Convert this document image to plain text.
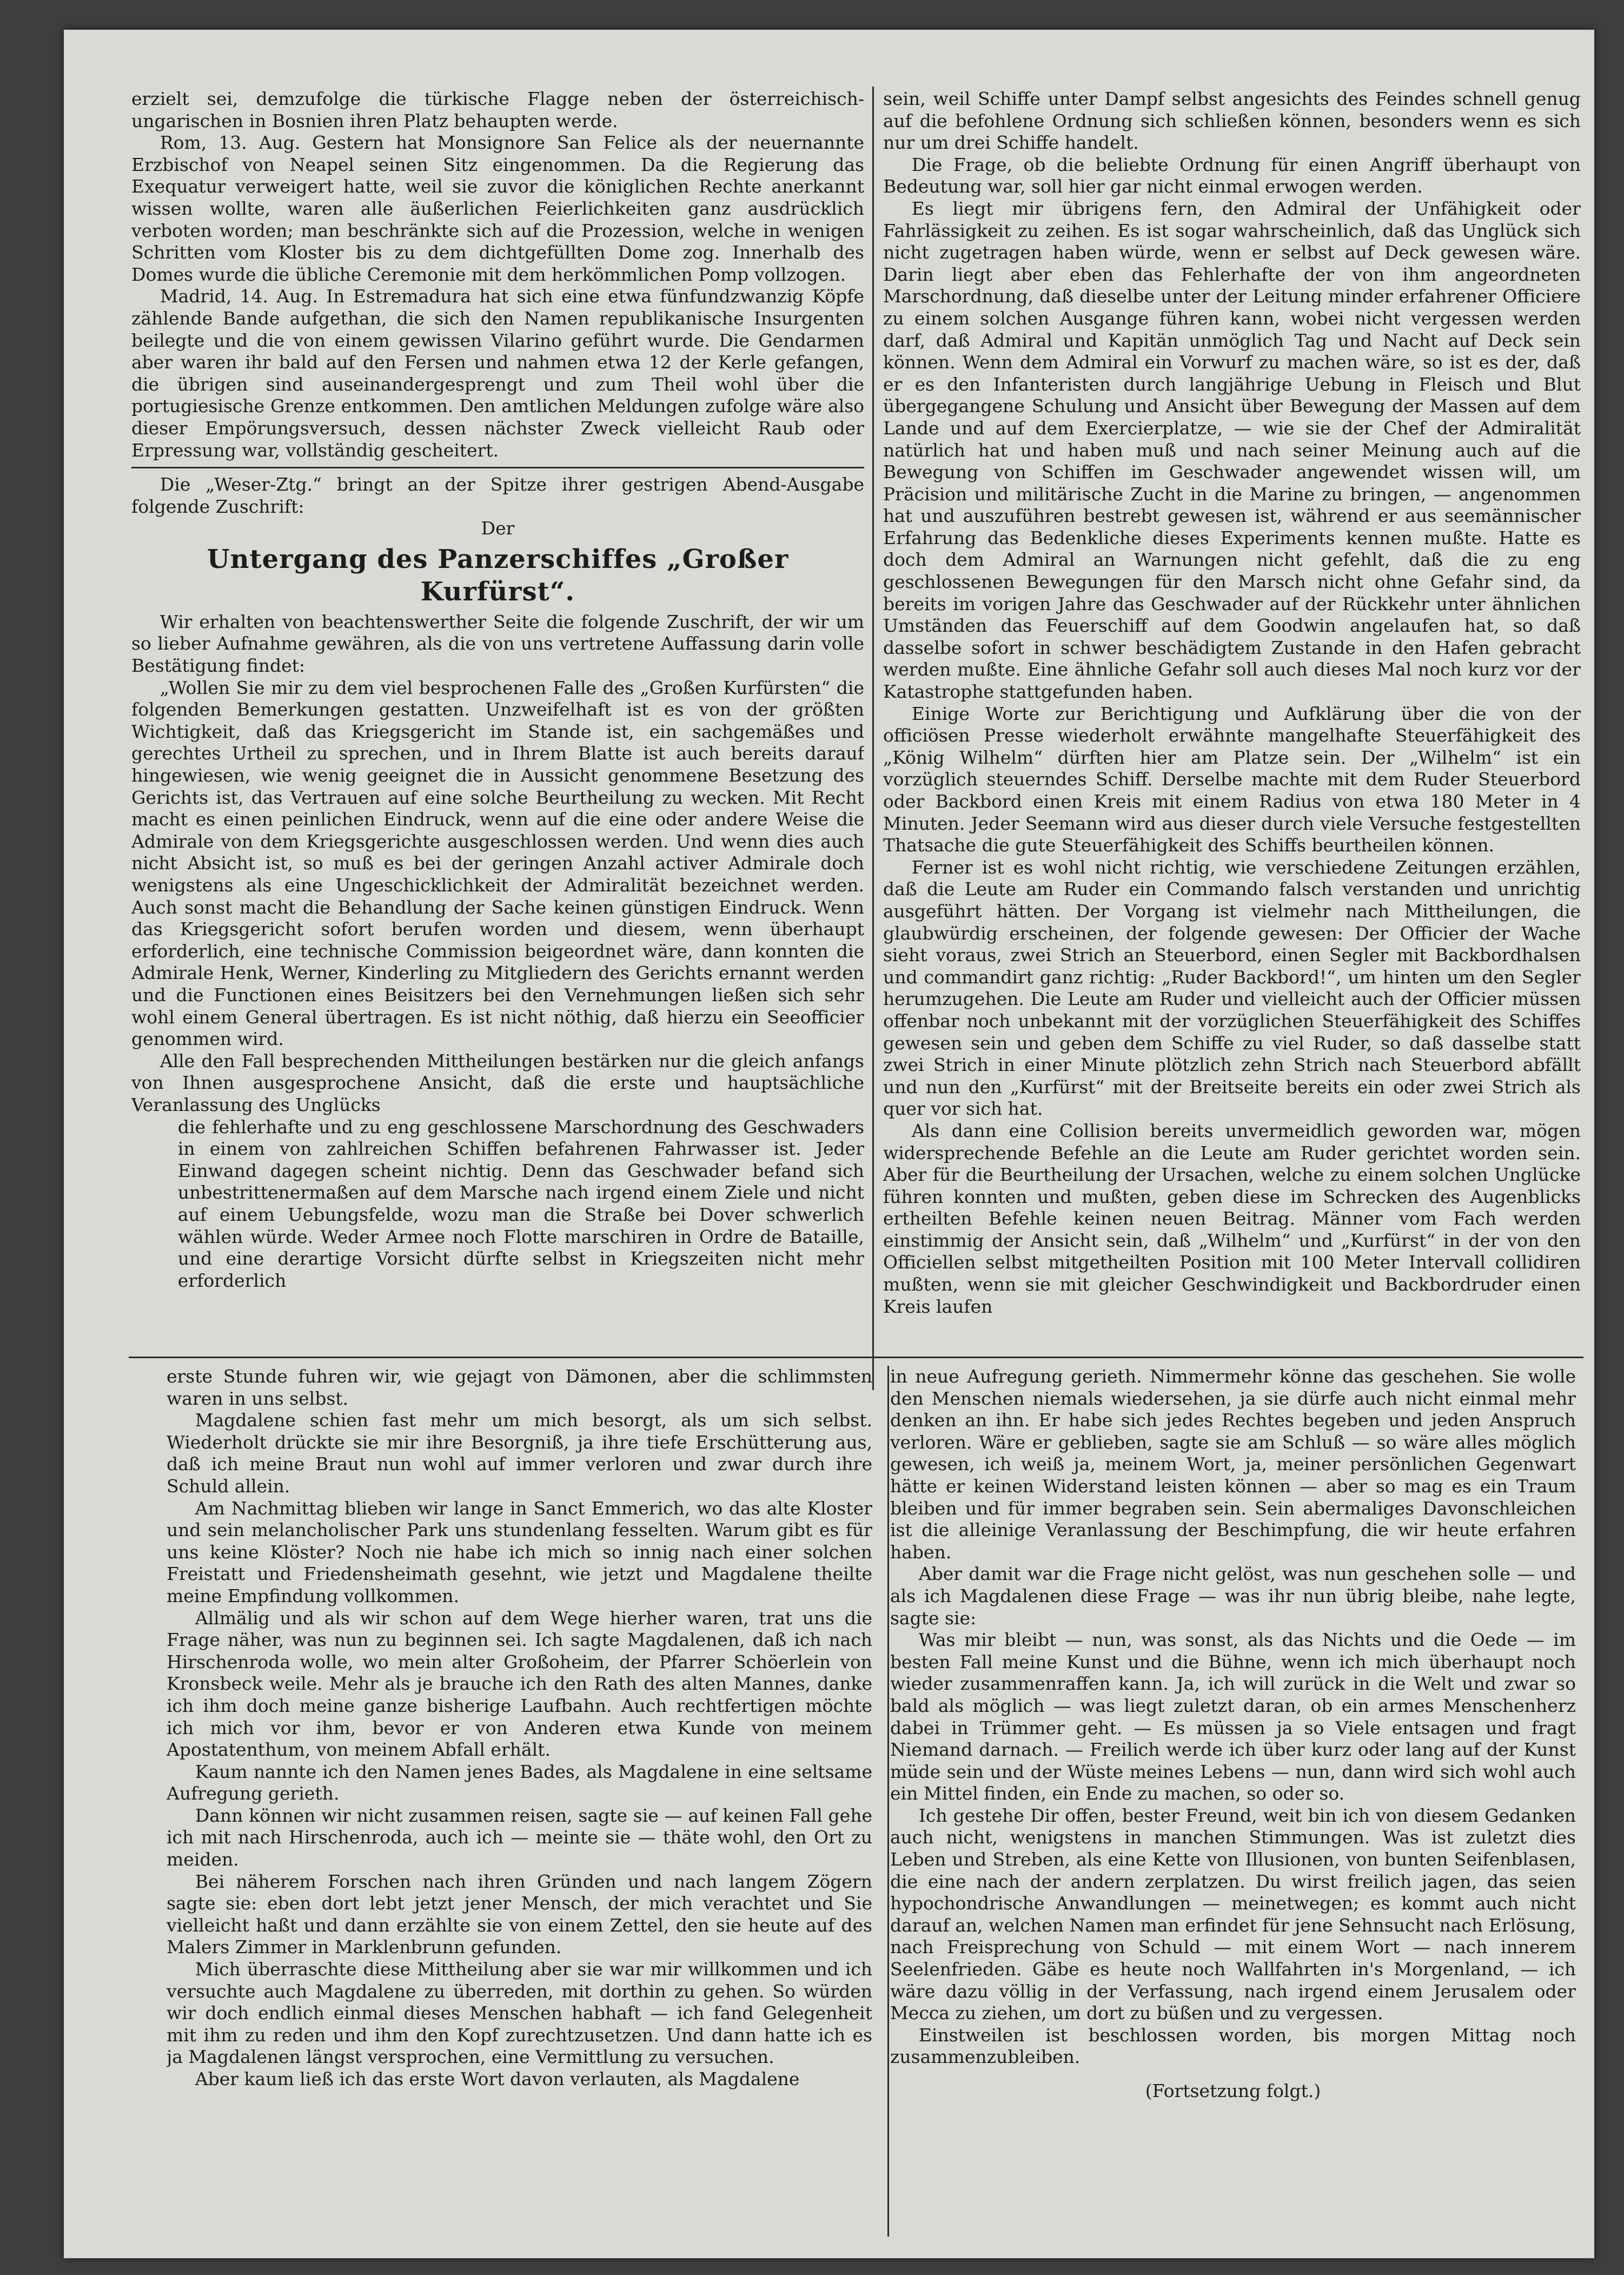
erzielt sei, demzufolge die türkische Flagge neben der österreichisch-ungarischen in Bosnien ihren Platz behaupten werde.

Rom, 13. Aug. Gestern hat Monsignore San Felice als der neuernannte Erzbischof von Neapel seinen Sitz eingenommen. Da die Regierung das Exequatur verweigert hatte, weil sie zuvor die königlichen Rechte anerkannt wissen wollte, waren alle äußerlichen Feierlichkeiten ganz ausdrücklich verboten worden; man beschränkte sich auf die Prozession, welche in wenigen Schritten vom Kloster bis zu dem dichtgefüllten Dome zog. Innerhalb des Domes wurde die übliche Ceremonie mit dem herkömmlichen Pomp vollzogen.

Madrid, 14. Aug. In Estremadura hat sich eine etwa fünfundzwanzig Köpfe zählende Bande aufgethan, die sich den Namen republikanische Insurgenten beilegte und die von einem gewissen Vilarino geführt wurde. Die Gendarmen aber waren ihr bald auf den Fersen und nahmen etwa 12 der Kerle gefangen, die übrigen sind auseinandergesprengt und zum Theil wohl über die portugiesische Grenze entkommen. Den amtlichen Meldungen zufolge wäre also dieser Empörungsversuch, dessen nächster Zweck vielleicht Raub oder Erpressung war, vollständig gescheitert.

Die „Weser-Ztg.“ bringt an der Spitze ihrer gestrigen Abend-Ausgabe folgende Zuschrift:

Der

Untergang des Panzerschiffes „Großer Kurfürst“.

Wir erhalten von beachtenswerther Seite die folgende Zuschrift, der wir um so lieber Aufnahme gewähren, als die von uns vertretene Auffassung darin volle Bestätigung findet:

„Wollen Sie mir zu dem viel besprochenen Falle des „Großen Kurfürsten“ die folgenden Bemerkungen gestatten. Unzweifelhaft ist es von der größten Wichtigkeit, daß das Kriegsgericht im Stande ist, ein sachgemäßes und gerechtes Urtheil zu sprechen, und in Ihrem Blatte ist auch bereits darauf hingewiesen, wie wenig geeignet die in Aussicht genommene Besetzung des Gerichts ist, das Vertrauen auf eine solche Beurtheilung zu wecken. Mit Recht macht es einen peinlichen Eindruck, wenn auf die eine oder andere Weise die Admirale von dem Kriegsgerichte ausgeschlossen werden. Und wenn dies auch nicht Absicht ist, so muß es bei der geringen Anzahl activer Admirale doch wenigstens als eine Ungeschicklichkeit der Admiralität bezeichnet werden. Auch sonst macht die Behandlung der Sache keinen günstigen Eindruck. Wenn das Kriegsgericht sofort berufen worden und diesem, wenn überhaupt erforderlich, eine technische Commission beigeordnet wäre, dann konnten die Admirale Henk, Werner, Kinderling zu Mitgliedern des Gerichts ernannt werden und die Functionen eines Beisitzers bei den Vernehmungen ließen sich sehr wohl einem General übertragen. Es ist nicht nöthig, daß hierzu ein Seeofficier genommen wird.

Alle den Fall besprechenden Mittheilungen bestärken nur die gleich anfangs von Ihnen ausgesprochene Ansicht, daß die erste und hauptsächliche Veranlassung des Unglücks

die fehlerhafte und zu eng geschlossene Marschordnung des Geschwaders in einem von zahlreichen Schiffen befahrenen Fahrwasser ist. Jeder Einwand dagegen scheint nichtig. Denn das Geschwader befand sich unbestrittenermaßen auf dem Marsche nach irgend einem Ziele und nicht auf einem Uebungsfelde, wozu man die Straße bei Dover schwerlich wählen würde. Weder Armee noch Flotte marschiren in Ordre de Bataille, und eine derartige Vorsicht dürfte selbst in Kriegszeiten nicht mehr erforderlich

sein, weil Schiffe unter Dampf selbst angesichts des Feindes schnell genug auf die befohlene Ordnung sich schließen können, besonders wenn es sich nur um drei Schiffe handelt.

Die Frage, ob die beliebte Ordnung für einen Angriff überhaupt von Bedeutung war, soll hier gar nicht einmal erwogen werden.

Es liegt mir übrigens fern, den Admiral der Unfähigkeit oder Fahrlässigkeit zu zeihen. Es ist sogar wahrscheinlich, daß das Unglück sich nicht zugetragen haben würde, wenn er selbst auf Deck gewesen wäre. Darin liegt aber eben das Fehlerhafte der von ihm angeordneten Marschordnung, daß dieselbe unter der Leitung minder erfahrener Officiere zu einem solchen Ausgange führen kann, wobei nicht vergessen werden darf, daß Admiral und Kapitän unmöglich Tag und Nacht auf Deck sein können. Wenn dem Admiral ein Vorwurf zu machen wäre, so ist es der, daß er es den Infanteristen durch langjährige Uebung in Fleisch und Blut übergegangene Schulung und Ansicht über Bewegung der Massen auf dem Lande und auf dem Exercierplatze, — wie sie der Chef der Admiralität natürlich hat und haben muß und nach seiner Meinung auch auf die Bewegung von Schiffen im Geschwader angewendet wissen will, um Präcision und militärische Zucht in die Marine zu bringen, — angenommen hat und auszuführen bestrebt gewesen ist, während er aus seemännischer Erfahrung das Bedenkliche dieses Experiments kennen mußte. Hatte es doch dem Admiral an Warnungen nicht gefehlt, daß die zu eng geschlossenen Bewegungen für den Marsch nicht ohne Gefahr sind, da bereits im vorigen Jahre das Geschwader auf der Rückkehr unter ähnlichen Umständen das Feuerschiff auf dem Goodwin angelaufen hat, so daß dasselbe sofort in schwer beschädigtem Zustande in den Hafen gebracht werden mußte. Eine ähnliche Gefahr soll auch dieses Mal noch kurz vor der Katastrophe stattgefunden haben.

Einige Worte zur Berichtigung und Aufklärung über die von der officiösen Presse wiederholt erwähnte mangelhafte Steuerfähigkeit des „König Wilhelm“ dürften hier am Platze sein. Der „Wilhelm“ ist ein vorzüglich steuerndes Schiff. Derselbe machte mit dem Ruder Steuerbord oder Backbord einen Kreis mit einem Radius von etwa 180 Meter in 4 Minuten. Jeder Seemann wird aus dieser durch viele Versuche festgestellten Thatsache die gute Steuerfähigkeit des Schiffs beurtheilen können.

Ferner ist es wohl nicht richtig, wie verschiedene Zeitungen erzählen, daß die Leute am Ruder ein Commando falsch verstanden und unrichtig ausgeführt hätten. Der Vorgang ist vielmehr nach Mittheilungen, die glaubwürdig erscheinen, der folgende gewesen: Der Officier der Wache sieht voraus, zwei Strich an Steuerbord, einen Segler mit Backbordhalsen und commandirt ganz richtig: „Ruder Backbord!“, um hinten um den Segler herumzugehen. Die Leute am Ruder und vielleicht auch der Officier müssen offenbar noch unbekannt mit der vorzüglichen Steuerfähigkeit des Schiffes gewesen sein und geben dem Schiffe zu viel Ruder, so daß dasselbe statt zwei Strich in einer Minute plötzlich zehn Strich nach Steuerbord abfällt und nun den „Kurfürst“ mit der Breitseite bereits ein oder zwei Strich als quer vor sich hat.

Als dann eine Collision bereits unvermeidlich geworden war, mögen widersprechende Befehle an die Leute am Ruder gerichtet worden sein. Aber für die Beurtheilung der Ursachen, welche zu einem solchen Unglücke führen konnten und mußten, geben diese im Schrecken des Augenblicks ertheilten Befehle keinen neuen Beitrag. Männer vom Fach werden einstimmig der Ansicht sein, daß „Wilhelm“ und „Kurfürst“ in der von den Officiellen selbst mitgetheilten Position mit 100 Meter Intervall collidiren mußten, wenn sie mit gleicher Geschwindigkeit und Backbordruder einen Kreis laufen

erste Stunde fuhren wir, wie gejagt von Dämonen, aber die schlimmsten waren in uns selbst.

Magdalene schien fast mehr um mich besorgt, als um sich selbst. Wiederholt drückte sie mir ihre Besorgniß, ja ihre tiefe Erschütterung aus, daß ich meine Braut nun wohl auf immer verloren und zwar durch ihre Schuld allein.

Am Nachmittag blieben wir lange in Sanct Emmerich, wo das alte Kloster und sein melancholischer Park uns stundenlang fesselten. Warum gibt es für uns keine Klöster? Noch nie habe ich mich so innig nach einer solchen Freistatt und Friedensheimath gesehnt, wie jetzt und Magdalene theilte meine Empfindung vollkommen.

Allmälig und als wir schon auf dem Wege hierher waren, trat uns die Frage näher, was nun zu beginnen sei. Ich sagte Magdalenen, daß ich nach Hirschenroda wolle, wo mein alter Großoheim, der Pfarrer Schöerlein von Kronsbeck weile. Mehr als je brauche ich den Rath des alten Mannes, danke ich ihm doch meine ganze bisherige Laufbahn. Auch rechtfertigen möchte ich mich vor ihm, bevor er von Anderen etwa Kunde von meinem Apostatenthum, von meinem Abfall erhält.

Kaum nannte ich den Namen jenes Bades, als Magdalene in eine seltsame Aufregung gerieth.

Dann können wir nicht zusammen reisen, sagte sie — auf keinen Fall gehe ich mit nach Hirschenroda, auch ich — meinte sie — thäte wohl, den Ort zu meiden.

Bei näherem Forschen nach ihren Gründen und nach langem Zögern sagte sie: eben dort lebt jetzt jener Mensch, der mich verachtet und Sie vielleicht haßt und dann erzählte sie von einem Zettel, den sie heute auf des Malers Zimmer in Marklenbrunn gefunden.

Mich überraschte diese Mittheilung aber sie war mir willkommen und ich versuchte auch Magdalene zu überreden, mit dorthin zu gehen. So würden wir doch endlich einmal dieses Menschen habhaft — ich fand Gelegenheit mit ihm zu reden und ihm den Kopf zurechtzusetzen. Und dann hatte ich es ja Magdalenen längst versprochen, eine Vermittlung zu versuchen.

Aber kaum ließ ich das erste Wort davon verlauten, als Magdalene

in neue Aufregung gerieth. Nimmermehr könne das geschehen. Sie wolle den Menschen niemals wiedersehen, ja sie dürfe auch nicht einmal mehr denken an ihn. Er habe sich jedes Rechtes begeben und jeden Anspruch verloren. Wäre er geblieben, sagte sie am Schluß — so wäre alles möglich gewesen, ich weiß ja, meinem Wort, ja, meiner persönlichen Gegenwart hätte er keinen Widerstand leisten können — aber so mag es ein Traum bleiben und für immer begraben sein. Sein abermaliges Davonschleichen ist die alleinige Veranlassung der Beschimpfung, die wir heute erfahren haben.

Aber damit war die Frage nicht gelöst, was nun geschehen solle — und als ich Magdalenen diese Frage — was ihr nun übrig bleibe, nahe legte, sagte sie:

Was mir bleibt — nun, was sonst, als das Nichts und die Oede — im besten Fall meine Kunst und die Bühne, wenn ich mich überhaupt noch wieder zusammenraffen kann. Ja, ich will zurück in die Welt und zwar so bald als möglich — was liegt zuletzt daran, ob ein armes Menschenherz dabei in Trümmer geht. — Es müssen ja so Viele entsagen und fragt Niemand darnach. — Freilich werde ich über kurz oder lang auf der Kunst müde sein und der Wüste meines Lebens — nun, dann wird sich wohl auch ein Mittel finden, ein Ende zu machen, so oder so.

Ich gestehe Dir offen, bester Freund, weit bin ich von diesem Gedanken auch nicht, wenigstens in manchen Stimmungen. Was ist zuletzt dies Leben und Streben, als eine Kette von Illusionen, von bunten Seifenblasen, die eine nach der andern zerplatzen. Du wirst freilich jagen, das seien hypochondrische Anwandlungen — meinetwegen; es kommt auch nicht darauf an, welchen Namen man erfindet für jene Sehnsucht nach Erlösung, nach Freisprechung von Schuld — mit einem Wort — nach innerem Seelenfrieden. Gäbe es heute noch Wallfahrten in's Morgenland, — ich wäre dazu völlig in der Verfassung, nach irgend einem Jerusalem oder Mecca zu ziehen, um dort zu büßen und zu vergessen.

Einstweilen ist beschlossen worden, bis morgen Mittag noch zusammenzubleiben.

(Fortsetzung folgt.)
